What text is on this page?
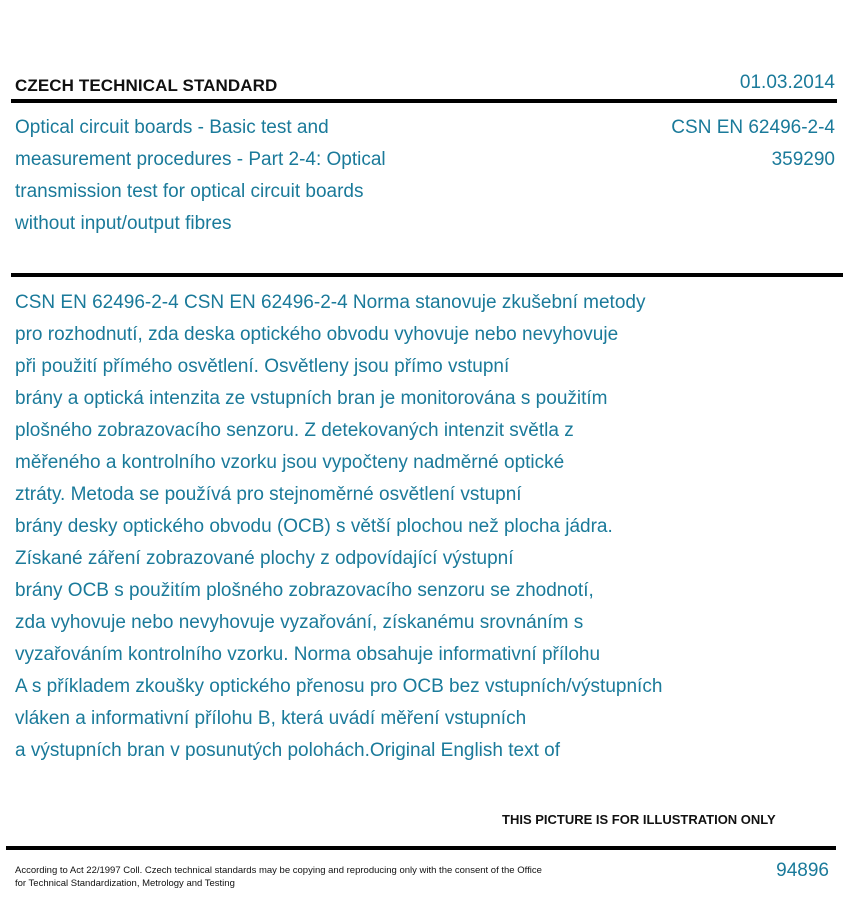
CZECH TECHNICAL STANDARD	01.03.2014
Optical circuit boards - Basic test and
measurement procedures - Part 2-4: Optical
transmission test for optical circuit boards
without input/output fibres
CSN EN 62496-2-4
359290
CSN EN 62496-2-4 CSN EN 62496-2-4 Norma stanovuje zkušební metody
pro rozhodnutí, zda deska optického obvodu vyhovuje nebo nevyhovuje
při použití přímého osvětlení. Osvětleny jsou přímo vstupní
brány a optická intenzita ze vstupních bran je monitorována s použitím
plošného zobrazovacího senzoru. Z detekovaných intenzit světla z
měřeného a kontrolního vzorku jsou vypočteny nadměrné optické
ztráty. Metoda se používá pro stejnoměrné osvětlení vstupní
brány desky optického obvodu (OCB) s větší plochou než plocha jádra.
Získané záření zobrazované plochy z odpovídající výstupní
brány OCB s použitím plošného zobrazovacího senzoru se zhodnotí,
zda vyhovuje nebo nevyhovuje vyzařování, získanému srovnáním s
vyzařováním kontrolního vzorku. Norma obsahuje informativní přílohu
A s příkladem zkoušky optického přenosu pro OCB bez vstupních/výstupních
vláken a informativní přílohu B, která uvádí měření vstupních
a výstupních bran v posunutých polohách.Original English text of
THIS PICTURE IS FOR ILLUSTRATION ONLY
According to Act 22/1997 Coll. Czech technical standards may be copying and reproducing only with the consent of the Office
for Technical Standardization, Metrology and Testing
94896
